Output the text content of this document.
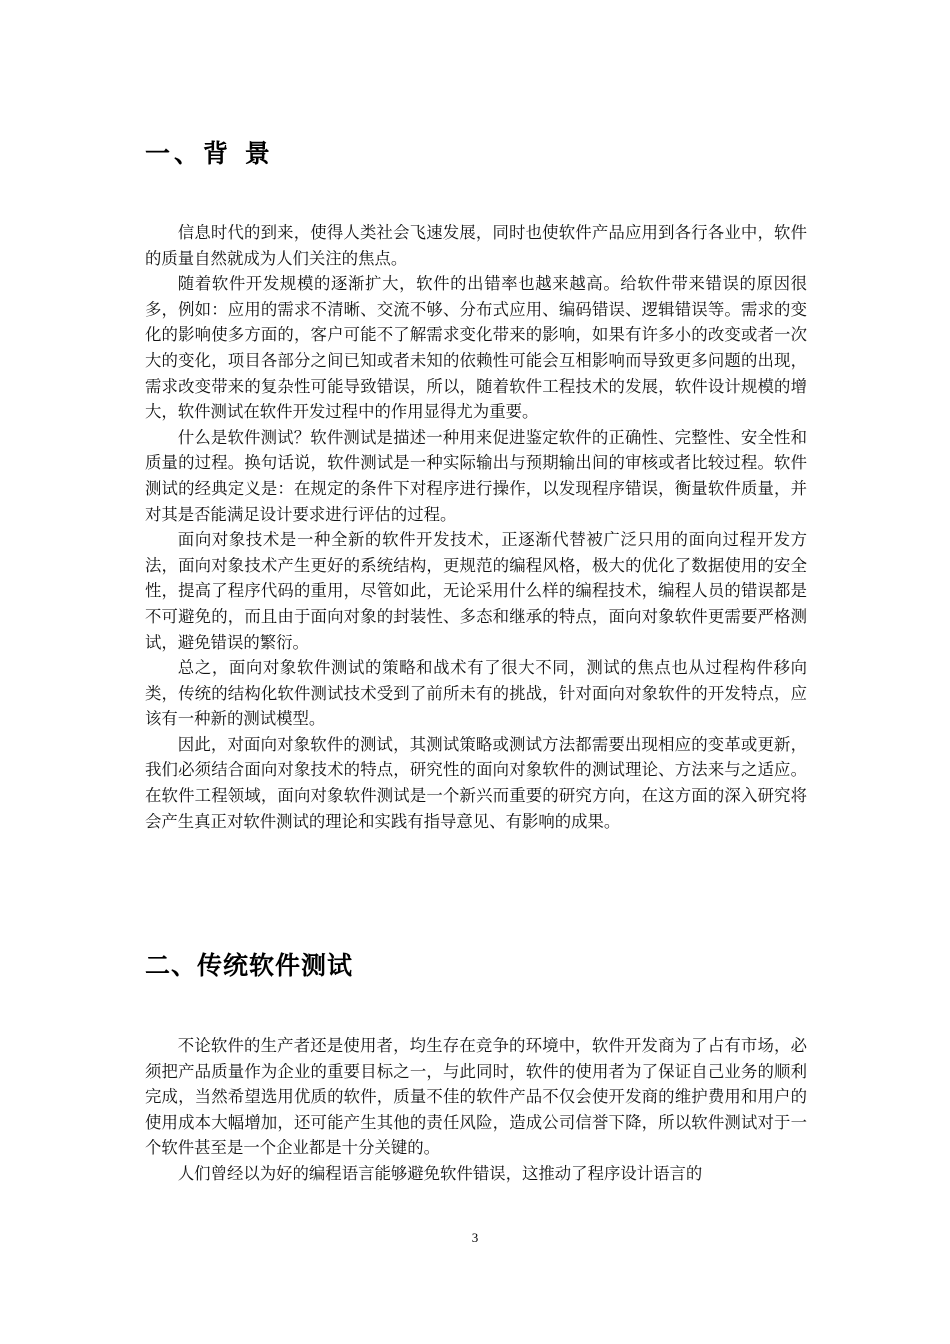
一、背 景

信息时代的到来，使得人类社会飞速发展，同时也使软件产品应用到各行各业中，软件的质量自然就成为人们关注的焦点。

随着软件开发规模的逐渐扩大，软件的出错率也越来越高。给软件带来错误的原因很多，例如：应用的需求不清晰、交流不够、分布式应用、编码错误、逻辑错误等。需求的变化的影响使多方面的，客户可能不了解需求变化带来的影响，如果有许多小的改变或者一次大的变化，项目各部分之间已知或者未知的依赖性可能会互相影响而导致更多问题的出现，需求改变带来的复杂性可能导致错误，所以，随着软件工程技术的发展，软件设计规模的增大，软件测试在软件开发过程中的作用显得尤为重要。

什么是软件测试？软件测试是描述一种用来促进鉴定软件的正确性、完整性、安全性和质量的过程。换句话说，软件测试是一种实际输出与预期输出间的审核或者比较过程。软件测试的经典定义是：在规定的条件下对程序进行操作，以发现程序错误，衡量软件质量，并对其是否能满足设计要求进行评估的过程。

面向对象技术是一种全新的软件开发技术，正逐渐代替被广泛只用的面向过程开发方法，面向对象技术产生更好的系统结构，更规范的编程风格，极大的优化了数据使用的安全性，提高了程序代码的重用，尽管如此，无论采用什么样的编程技术，编程人员的错误都是不可避免的，而且由于面向对象的封装性、多态和继承的特点，面向对象软件更需要严格测试，避免错误的繁衍。

总之，面向对象软件测试的策略和战术有了很大不同，测试的焦点也从过程构件移向类，传统的结构化软件测试技术受到了前所未有的挑战，针对面向对象软件的开发特点，应该有一种新的测试模型。

因此，对面向对象软件的测试，其测试策略或测试方法都需要出现相应的变革或更新，我们必须结合面向对象技术的特点，研究性的面向对象软件的测试理论、方法来与之适应。在软件工程领域，面向对象软件测试是一个新兴而重要的研究方向，在这方面的深入研究将会产生真正对软件测试的理论和实践有指导意见、有影响的成果。

二、传统软件测试

不论软件的生产者还是使用者，均生存在竞争的环境中，软件开发商为了占有市场，必须把产品质量作为企业的重要目标之一，与此同时，软件的使用者为了保证自己业务的顺利完成，当然希望选用优质的软件，质量不佳的软件产品不仅会使开发商的维护费用和用户的使用成本大幅增加，还可能产生其他的责任风险，造成公司信誉下降，所以软件测试对于一个软件甚至是一个企业都是十分关键的。

人们曾经以为好的编程语言能够避免软件错误，这推动了程序设计语言的

3
